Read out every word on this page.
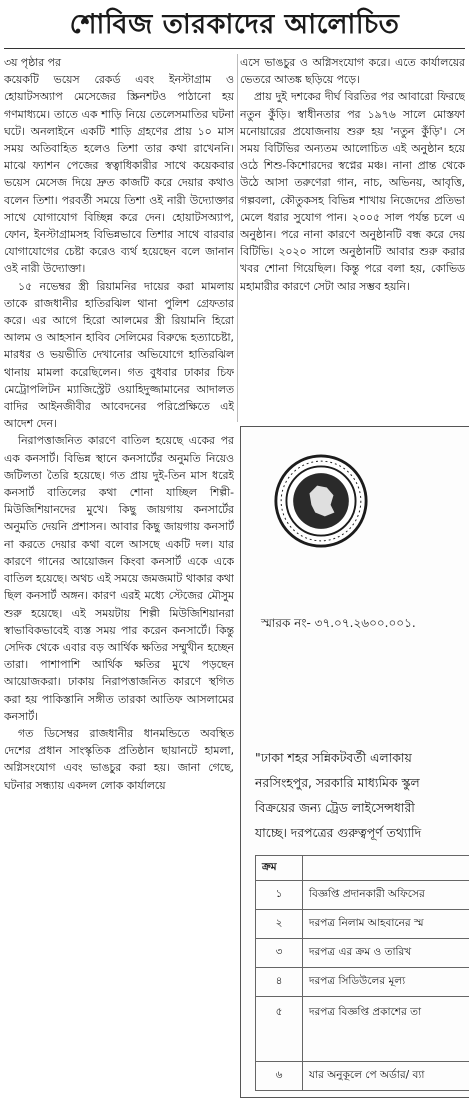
শোবিজ তারকাদের আলোচিত

৩য় পৃষ্ঠার পর

কয়েকটি ভয়েস রেকর্ড এবং ইনস্টাগ্রাম ও হোয়াটসঅ্যাপ মেসেজের স্ক্রিনশটও পাঠানো হয় গণমাধ্যমে। তাতে এক শাড়ি নিয়ে তেলেসমাতির ঘটনা ঘটে। অনলাইনে একটি শাড়ি গ্রহণের প্রায় ১০ মাস সময় অতিবাহিত হলেও তিশা তার কথা রাখেননি। মাঝে ফ্যাশন পেজের স্বত্বাধিকারীর সাথে কয়েকবার ভয়েস মেসেজ দিয়ে দ্রুত কাজটি করে দেয়ার কথাও বলেন তিশা। পরবর্তী সময়ে তিশা ওই নারী উদ্যোক্তার সাথে যোগাযোগ বিচ্ছিন্ন করে দেন। হোয়াটসঅ্যাপ, ফোন, ইনস্টাগ্রামসহ বিভিন্নভাবে তিশার সাথে বারবার যোগাযোগের চেষ্টা করেও ব্যর্থ হয়েছেন বলে জানান ওই নারী উদ্যোক্তা।

১৫ নভেম্বর স্ত্রী রিয়ামনির দায়ের করা মামলায় তাকে রাজধানীর হাতিরঝিল থানা পুলিশ গ্রেফতার করে। এর আগে হিরো আলমের স্ত্রী রিয়ামনি হিরো আলম ও আহসান হাবিব সেলিমের বিরুদ্ধে হত্যাচেষ্টা, মারধর ও ভয়ভীতি দেখানোর অভিযোগে হাতিরঝিল থানায় মামলা করেছিলেন। গত বুধবার ঢাকার চিফ মেট্রোপলিটন ম্যাজিস্ট্রেট ওয়াহিদুজ্জামানের আদালত বাদির আইনজীবীর আবেদনের পরিপ্রেক্ষিতে এই আদেশ দেন।

নিরাপত্তাজনিত কারণে বাতিল হয়েছে একের পর এক কনসার্ট। বিভিন্ন স্থানে কনসার্টের অনুমতি নিয়েও জটিলতা তৈরি হয়েছে। গত প্রায় দুই-তিন মাস ধরেই কনসার্ট বাতিলের কথা শোনা যাচ্ছিল শিল্পী-মিউজিশিয়ানদের মুখে। কিছু জায়গায় কনসার্টের অনুমতি দেয়নি প্রশাসন। আবার কিছু জায়গায় কনসার্ট না করতে দেয়ার কথা বলে আসছে একটি দল। যার কারণে গানের আয়োজন কিংবা কনসার্ট একে একে বাতিল হয়েছে। অথচ এই সময়ে জমজমাট থাকার কথা ছিল কনসার্ট অঙ্গন। কারণ এরই মধ্যে স্টেজের মৌসুম শুরু হয়েছে। এই সময়টায় শিল্পী মিউজিশিয়ানরা স্বাভাবিকভাবেই ব্যস্ত সময় পার করেন কনসার্টে। কিন্তু সেদিক থেকে এবার বড় আর্থিক ক্ষতির সম্মুখীন হচ্ছেন তারা। পাশাপাশি আর্থিক ক্ষতির মুখে পড়ছেন আয়োজকরা। ঢাকায় নিরাপত্তাজনিত কারণে স্থগিত করা হয় পাকিস্তানি সঙ্গীত তারকা আতিফ আসলামের কনসার্ট।

গত ডিসেম্বর রাজধানীর ধানমন্ডিতে অবস্থিত দেশের প্রধান সাংস্কৃতিক প্রতিষ্ঠান ছায়ানটে হামলা, অগ্নিসংযোগ এবং ভাঙচুর করা হয়। জানা গেছে, ঘটনার সন্ধ্যায় একদল লোক কার্যালয়ে

এসে ভাঙচুর ও অগ্নিসংযোগ করে। এতে কার্যালয়ের ভেতরে আতঙ্ক ছড়িয়ে পড়ে।

প্রায় দুই দশকের দীর্ঘ বিরতির পর আবারো ফিরছে নতুন কুঁড়ি। স্বাধীনতার পর ১৯৭৬ সালে মোস্তফা মনোয়ারের প্রযোজনায় শুরু হয় 'নতুন কুঁড়ি'। সে সময় বিটিভির অন্যতম আলোচিত এই অনুষ্ঠান হয়ে ওঠে শিশু-কিশোরদের স্বপ্নের মঞ্চ। নানা প্রান্ত থেকে উঠে আসা তরুণেরা গান, নাচ, অভিনয়, আবৃত্তি, গল্পবলা, কৌতুকসহ বিভিন্ন শাখায় নিজেদের প্রতিভা মেলে ধরার সুযোগ পান। ২০০৫ সাল পর্যন্ত চলে এ অনুষ্ঠান। পরে নানা কারণে অনুষ্ঠানটি বন্ধ করে দেয় বিটিভি। ২০২০ সালে অনুষ্ঠানটি আবার শুরু করার খবর শোনা গিয়েছিল। কিন্তু পরে বলা হয়, কোভিড মহামারীর কারণে সেটা আর সম্ভব হয়নি।

স্মারক নং- ৩৭.০৭.২৬০০.০০১.
"ঢাকা শহর সন্নিকটবর্তী এলাকায়
নরসিংহপুর, সরকারি মাধ্যমিক স্কুল
বিক্রয়ের জন্য ট্রেড লাইসেন্সধারী
যাচ্ছে। দরপত্রের গুরুত্বপূর্ণ তথ্যাদি
ক্রম	
১	বিজ্ঞপ্তি প্রদানকারী অফিসের
২	দরপত্র নিলাম আহবানের স্ম
৩	দরপত্র এর ক্রম ও তারিখ
৪	দরপত্র সিডিউলের মূল্য
৫	দরপত্র বিজ্ঞপ্তি প্রকাশের তা
৬	যার অনুকূলে পে অর্ডার/ ব্যা
